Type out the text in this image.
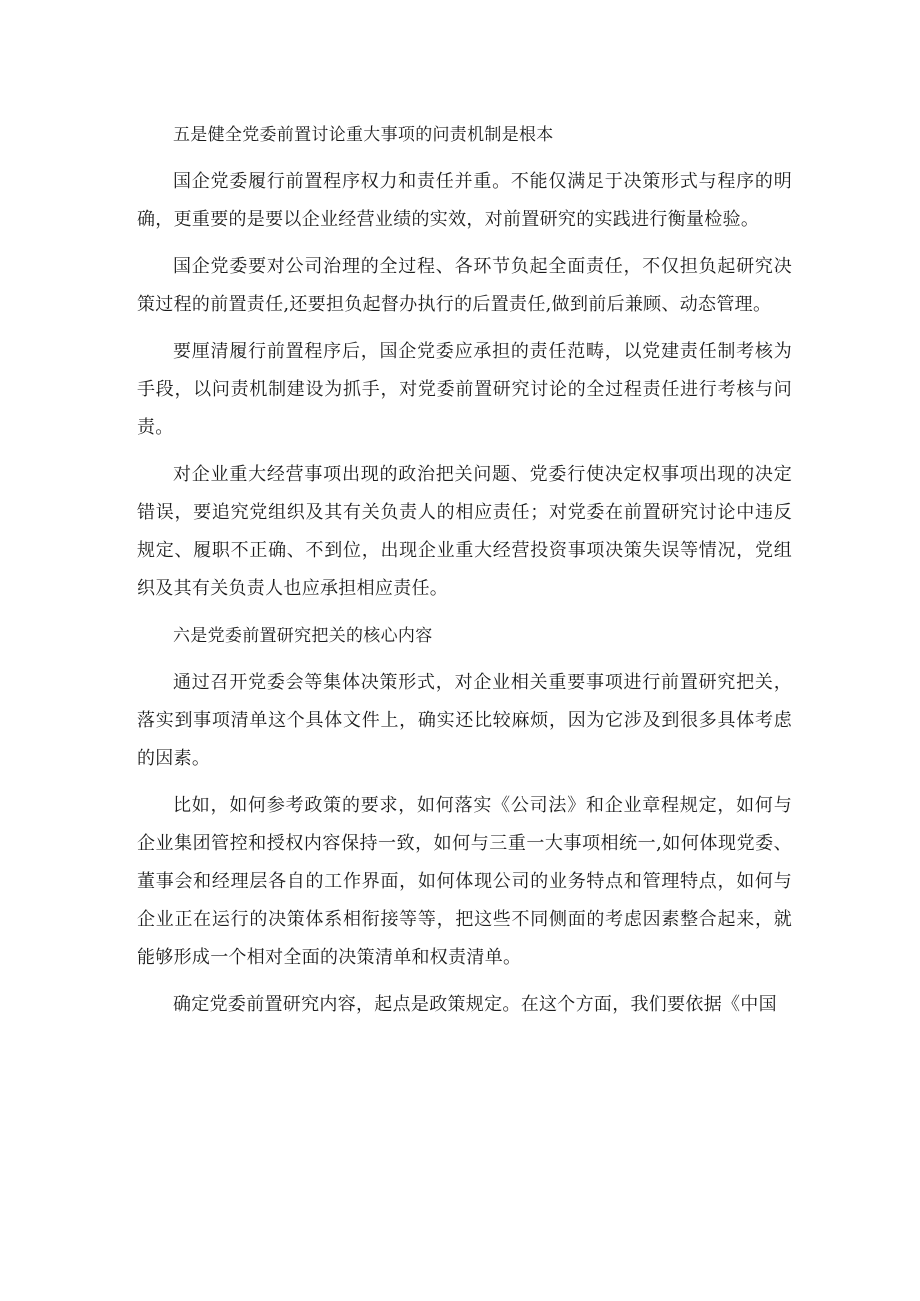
五是健全党委前置讨论重大事项的问责机制是根本

国企党委履行前置程序权力和责任并重。不能仅满足于决策形式与程序的明确，更重要的是要以企业经营业绩的实效，对前置研究的实践进行衡量检验。

国企党委要对公司治理的全过程、各环节负起全面责任，不仅担负起研究决策过程的前置责任,还要担负起督办执行的后置责任,做到前后兼顾、动态管理。

要厘清履行前置程序后，国企党委应承担的责任范畴，以党建责任制考核为手段，以问责机制建设为抓手，对党委前置研究讨论的全过程责任进行考核与问责。

对企业重大经营事项出现的政治把关问题、党委行使决定权事项出现的决定错误，要追究党组织及其有关负责人的相应责任；对党委在前置研究讨论中违反规定、履职不正确、不到位，出现企业重大经营投资事项决策失误等情况，党组织及其有关负责人也应承担相应责任。

六是党委前置研究把关的核心内容

通过召开党委会等集体决策形式，对企业相关重要事项进行前置研究把关，落实到事项清单这个具体文件上，确实还比较麻烦，因为它涉及到很多具体考虑的因素。

比如，如何参考政策的要求，如何落实《公司法》和企业章程规定，如何与企业集团管控和授权内容保持一致，如何与三重一大事项相统一,如何体现党委、董事会和经理层各自的工作界面，如何体现公司的业务特点和管理特点，如何与企业正在运行的决策体系相衔接等等，把这些不同侧面的考虑因素整合起来，就能够形成一个相对全面的决策清单和权责清单。

确定党委前置研究内容，起点是政策规定。在这个方面，我们要依据《中国
